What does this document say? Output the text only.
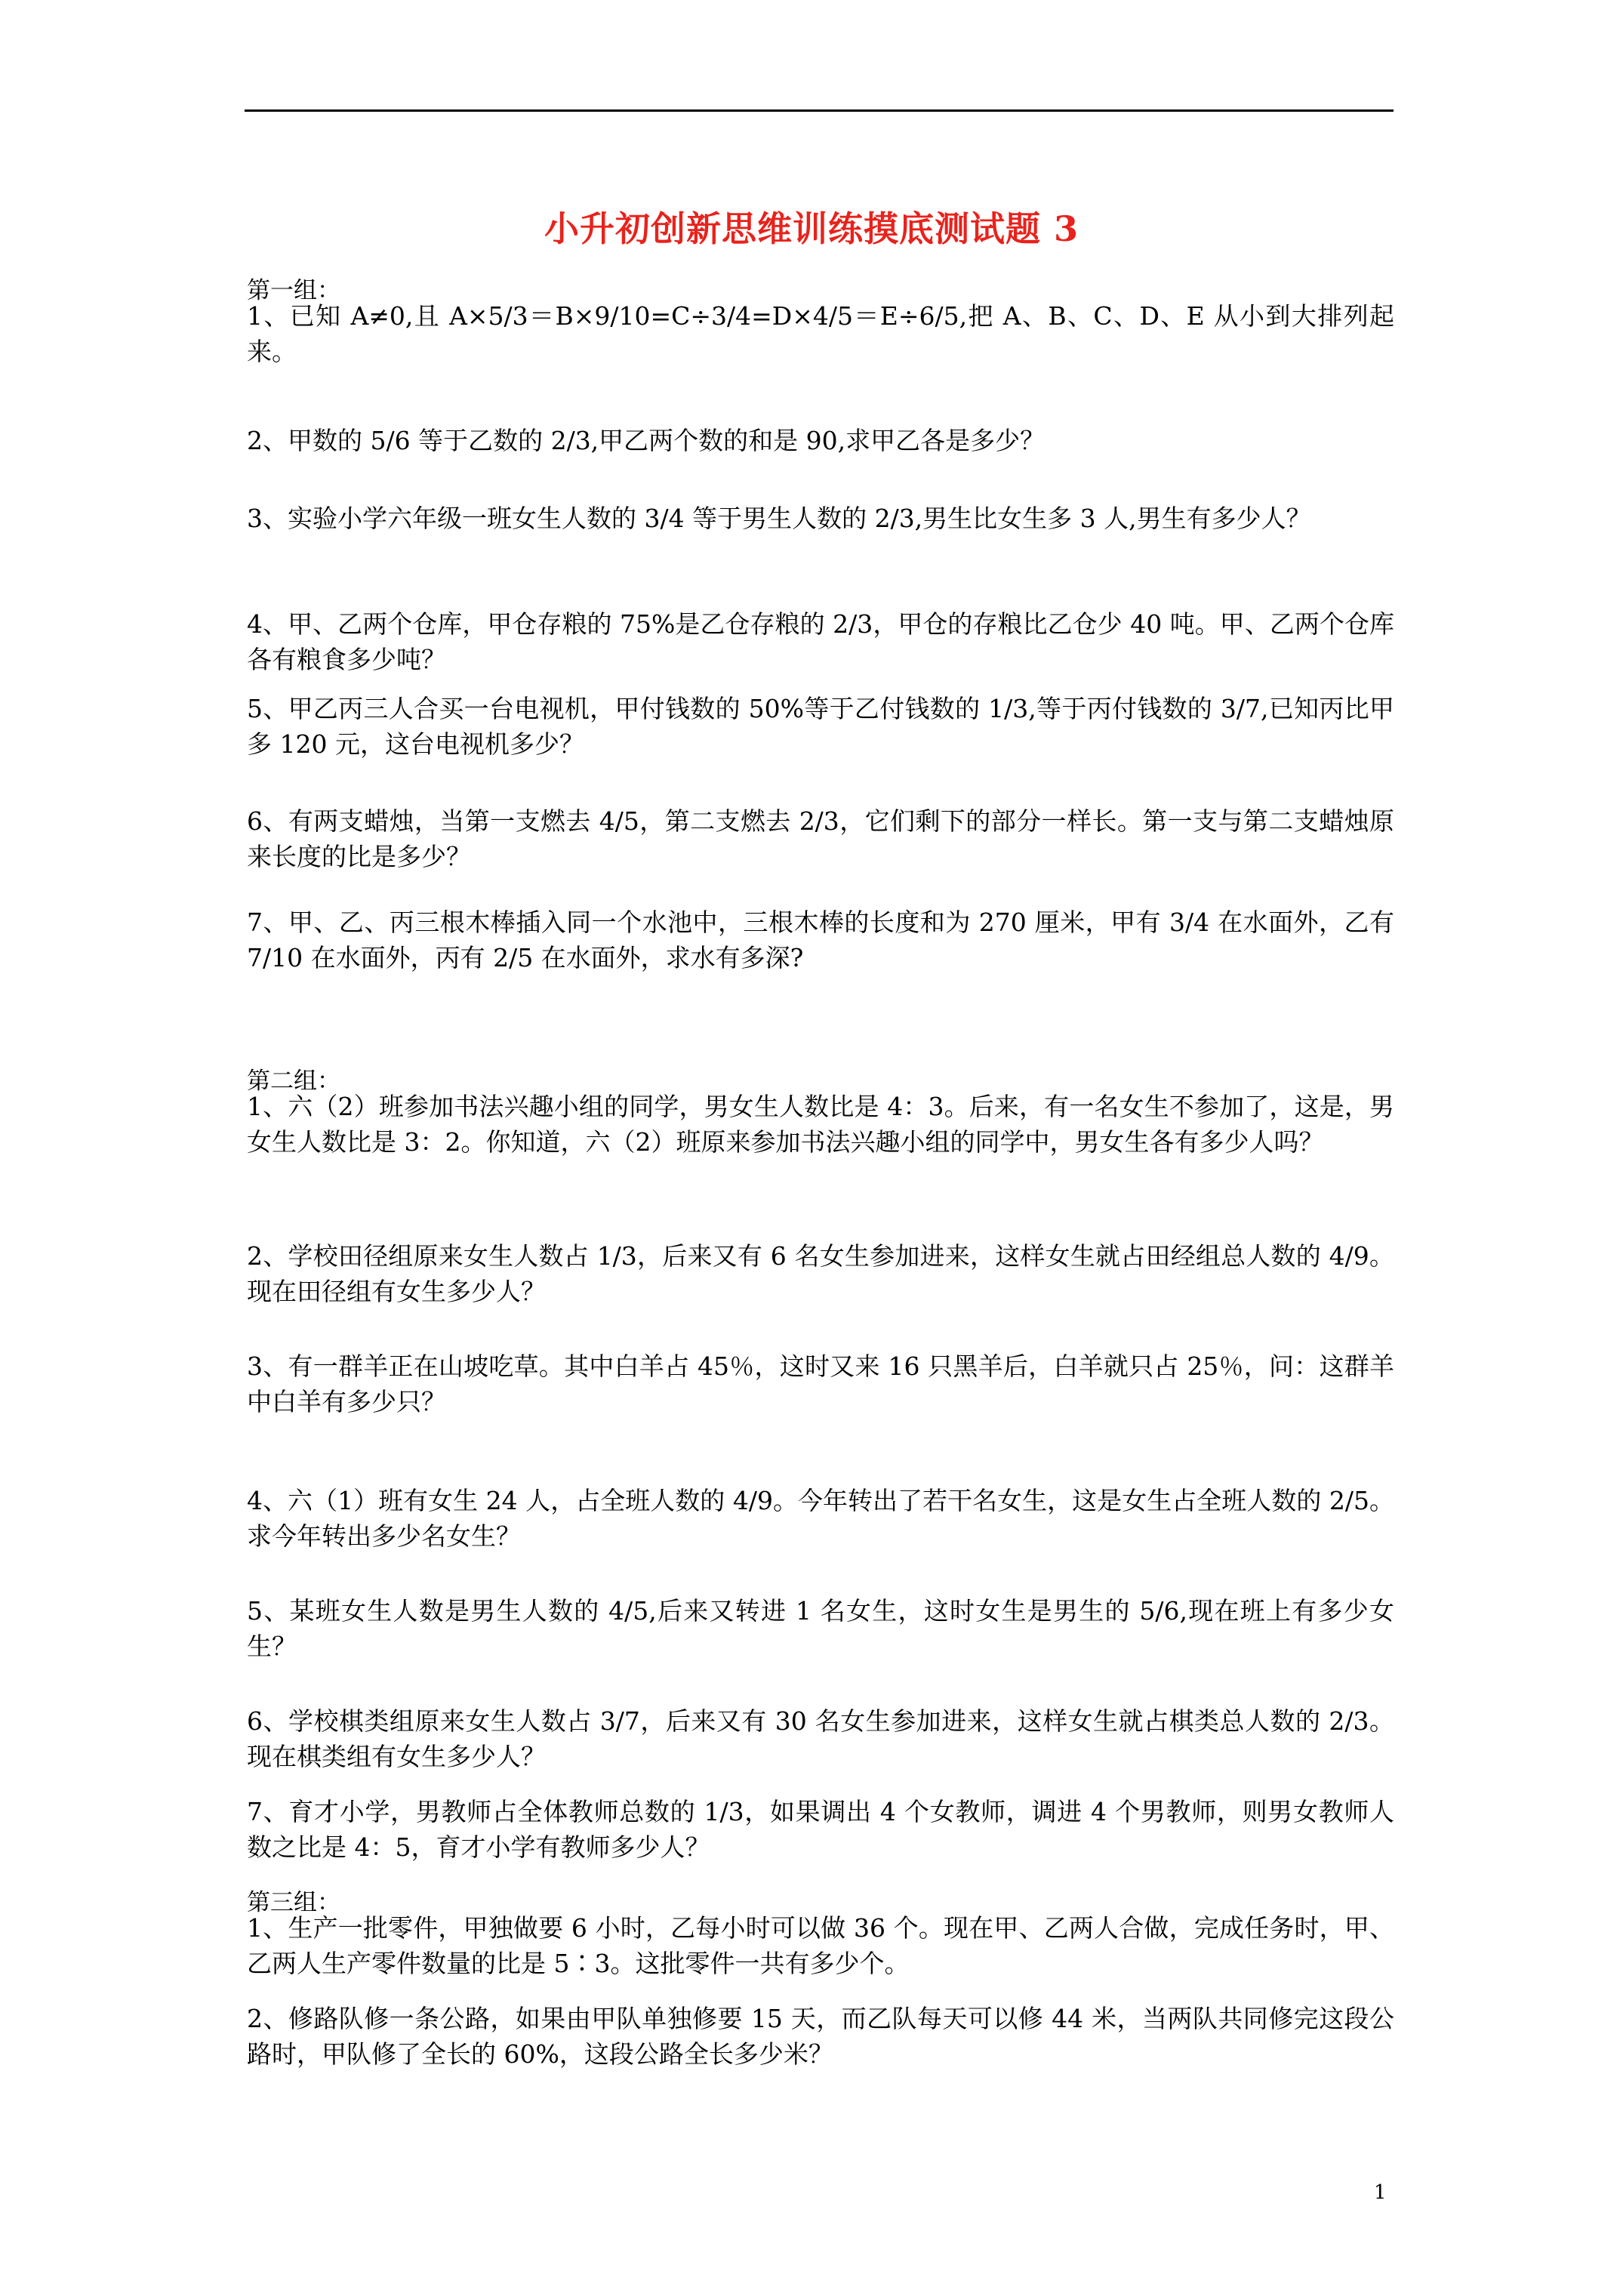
小升初创新思维训练摸底测试题 3
第一组：
1、已知 A≠0,且 A×5/3＝B×9/10=C÷3/4=D×4/5＝E÷6/5,把 A、B、C、D、E 从小到大排列起来。
2、甲数的 5/6 等于乙数的 2/3,甲乙两个数的和是 90,求甲乙各是多少？
3、实验小学六年级一班女生人数的 3/4 等于男生人数的 2/3,男生比女生多 3 人,男生有多少人？
4、甲、乙两个仓库，甲仓存粮的 75%是乙仓存粮的 2/3，甲仓的存粮比乙仓少 40 吨。甲、乙两个仓库各有粮食多少吨？
5、甲乙丙三人合买一台电视机，甲付钱数的 50%等于乙付钱数的 1/3,等于丙付钱数的 3/7,已知丙比甲多 120 元，这台电视机多少？
6、有两支蜡烛，当第一支燃去 4/5，第二支燃去 2/3，它们剩下的部分一样长。第一支与第二支蜡烛原来长度的比是多少？
7、甲、乙、丙三根木棒插入同一个水池中，三根木棒的长度和为 270 厘米，甲有 3/4 在水面外，乙有 7/10 在水面外，丙有 2/5 在水面外，求水有多深?
第二组：
1、六（2）班参加书法兴趣小组的同学，男女生人数比是 4：3。后来，有一名女生不参加了，这是，男女生人数比是 3：2。你知道，六（2）班原来参加书法兴趣小组的同学中，男女生各有多少人吗？
2、学校田径组原来女生人数占 1/3，后来又有 6 名女生参加进来，这样女生就占田经组总人数的 4/9。现在田径组有女生多少人？
3、有一群羊正在山坡吃草。其中白羊占 45％，这时又来 16 只黑羊后，白羊就只占 25％，问：这群羊中白羊有多少只？
4、六（1）班有女生 24 人，占全班人数的 4/9。今年转出了若干名女生，这是女生占全班人数的 2/5。求今年转出多少名女生？
5、某班女生人数是男生人数的 4/5,后来又转进 1 名女生，这时女生是男生的 5/6,现在班上有多少女生？
6、学校棋类组原来女生人数占 3/7，后来又有 30 名女生参加进来，这样女生就占棋类总人数的 2/3。现在棋类组有女生多少人？
7、育才小学，男教师占全体教师总数的 1/3，如果调出 4 个女教师，调进 4 个男教师，则男女教师人数之比是 4：5，育才小学有教师多少人？
第三组：
1、生产一批零件，甲独做要 6 小时，乙每小时可以做 36 个。现在甲、乙两人合做，完成任务时，甲、乙两人生产零件数量的比是 5∶3。这批零件一共有多少个。
2、修路队修一条公路，如果由甲队单独修要 15 天，而乙队每天可以修 44 米，当两队共同修完这段公路时，甲队修了全长的 60%，这段公路全长多少米？
1
